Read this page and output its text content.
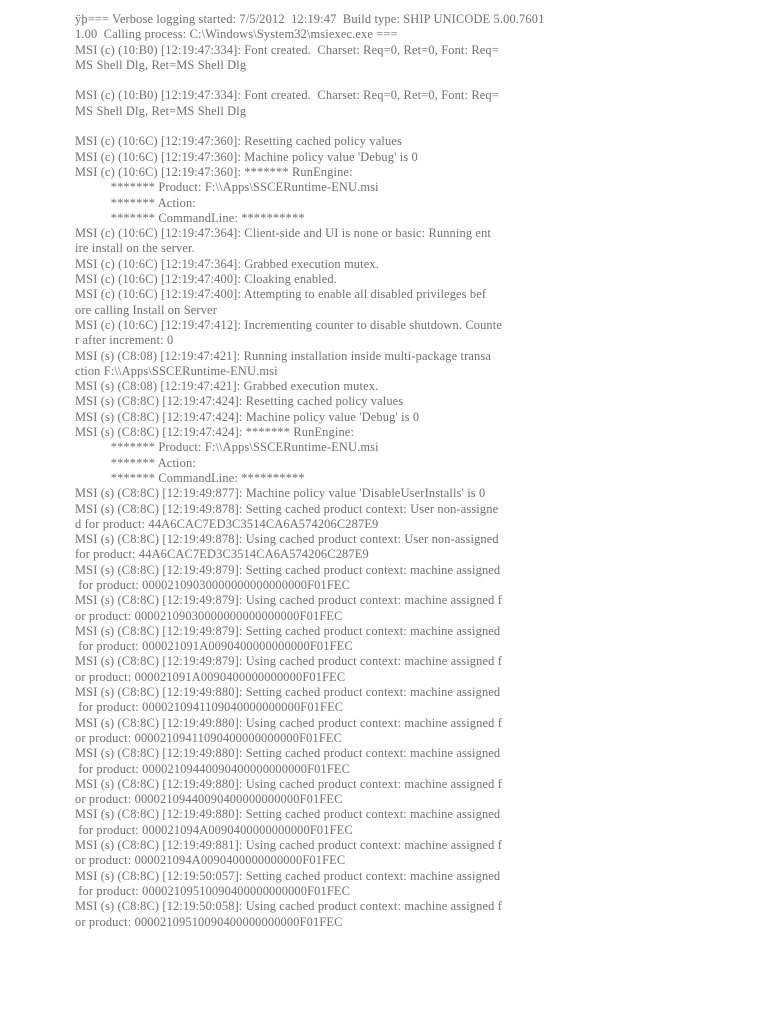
ÿþ=== Verbose logging started: 7/5/2012  12:19:47  Build type: SHIP UNICODE 5.00.7601
1.00  Calling process: C:\Windows\System32\msiexec.exe ===
MSI (c) (10:B0) [12:19:47:334]: Font created.  Charset: Req=0, Ret=0, Font: Req=
MS Shell Dlg, Ret=MS Shell Dlg
MSI (c) (10:B0) [12:19:47:334]: Font created.  Charset: Req=0, Ret=0, Font: Req=
MS Shell Dlg, Ret=MS Shell Dlg
MSI (c) (10:6C) [12:19:47:360]: Resetting cached policy values
MSI (c) (10:6C) [12:19:47:360]: Machine policy value 'Debug' is 0
MSI (c) (10:6C) [12:19:47:360]: ******* RunEngine:
******* Product: F:\\Apps\SSCERuntime-ENU.msi
******* Action:
******* CommandLine: **********
MSI (c) (10:6C) [12:19:47:364]: Client-side and UI is none or basic: Running ent
ire install on the server.
MSI (c) (10:6C) [12:19:47:364]: Grabbed execution mutex.
MSI (c) (10:6C) [12:19:47:400]: Cloaking enabled.
MSI (c) (10:6C) [12:19:47:400]: Attempting to enable all disabled privileges bef
ore calling Install on Server
MSI (c) (10:6C) [12:19:47:412]: Incrementing counter to disable shutdown. Counte
r after increment: 0
MSI (s) (C8:08) [12:19:47:421]: Running installation inside multi-package transa
ction F:\\Apps\SSCERuntime-ENU.msi
MSI (s) (C8:08) [12:19:47:421]: Grabbed execution mutex.
MSI (s) (C8:8C) [12:19:47:424]: Resetting cached policy values
MSI (s) (C8:8C) [12:19:47:424]: Machine policy value 'Debug' is 0
MSI (s) (C8:8C) [12:19:47:424]: ******* RunEngine:
******* Product: F:\\Apps\SSCERuntime-ENU.msi
******* Action:
******* CommandLine: **********
MSI (s) (C8:8C) [12:19:49:877]: Machine policy value 'DisableUserInstalls' is 0
MSI (s) (C8:8C) [12:19:49:878]: Setting cached product context: User non-assigne
d for product: 44A6CAC7ED3C3514CA6A574206C287E9
MSI (s) (C8:8C) [12:19:49:878]: Using cached product context: User non-assigned
for product: 44A6CAC7ED3C3514CA6A574206C287E9
MSI (s) (C8:8C) [12:19:49:879]: Setting cached product context: machine assigned
for product: 00002109030000000000000000F01FEC
MSI (s) (C8:8C) [12:19:49:879]: Using cached product context: machine assigned f
or product: 00002109030000000000000000F01FEC
MSI (s) (C8:8C) [12:19:49:879]: Setting cached product context: machine assigned
for product: 000021091A0090400000000000F01FEC
MSI (s) (C8:8C) [12:19:49:879]: Using cached product context: machine assigned f
or product: 000021091A0090400000000000F01FEC
MSI (s) (C8:8C) [12:19:49:880]: Setting cached product context: machine assigned
for product: 0000210941109040000000000F01FEC
MSI (s) (C8:8C) [12:19:49:880]: Using cached product context: machine assigned f
or product: 00002109411090400000000000F01FEC
MSI (s) (C8:8C) [12:19:49:880]: Setting cached product context: machine assigned
for product: 00002109440090400000000000F01FEC
MSI (s) (C8:8C) [12:19:49:880]: Using cached product context: machine assigned f
or product: 00002109440090400000000000F01FEC
MSI (s) (C8:8C) [12:19:49:880]: Setting cached product context: machine assigned
for product: 000021094A0090400000000000F01FEC
MSI (s) (C8:8C) [12:19:49:881]: Using cached product context: machine assigned f
or product: 000021094A0090400000000000F01FEC
MSI (s) (C8:8C) [12:19:50:057]: Setting cached product context: machine assigned
for product: 00002109510090400000000000F01FEC
MSI (s) (C8:8C) [12:19:50:058]: Using cached product context: machine assigned f
or product: 00002109510090400000000000F01FEC
